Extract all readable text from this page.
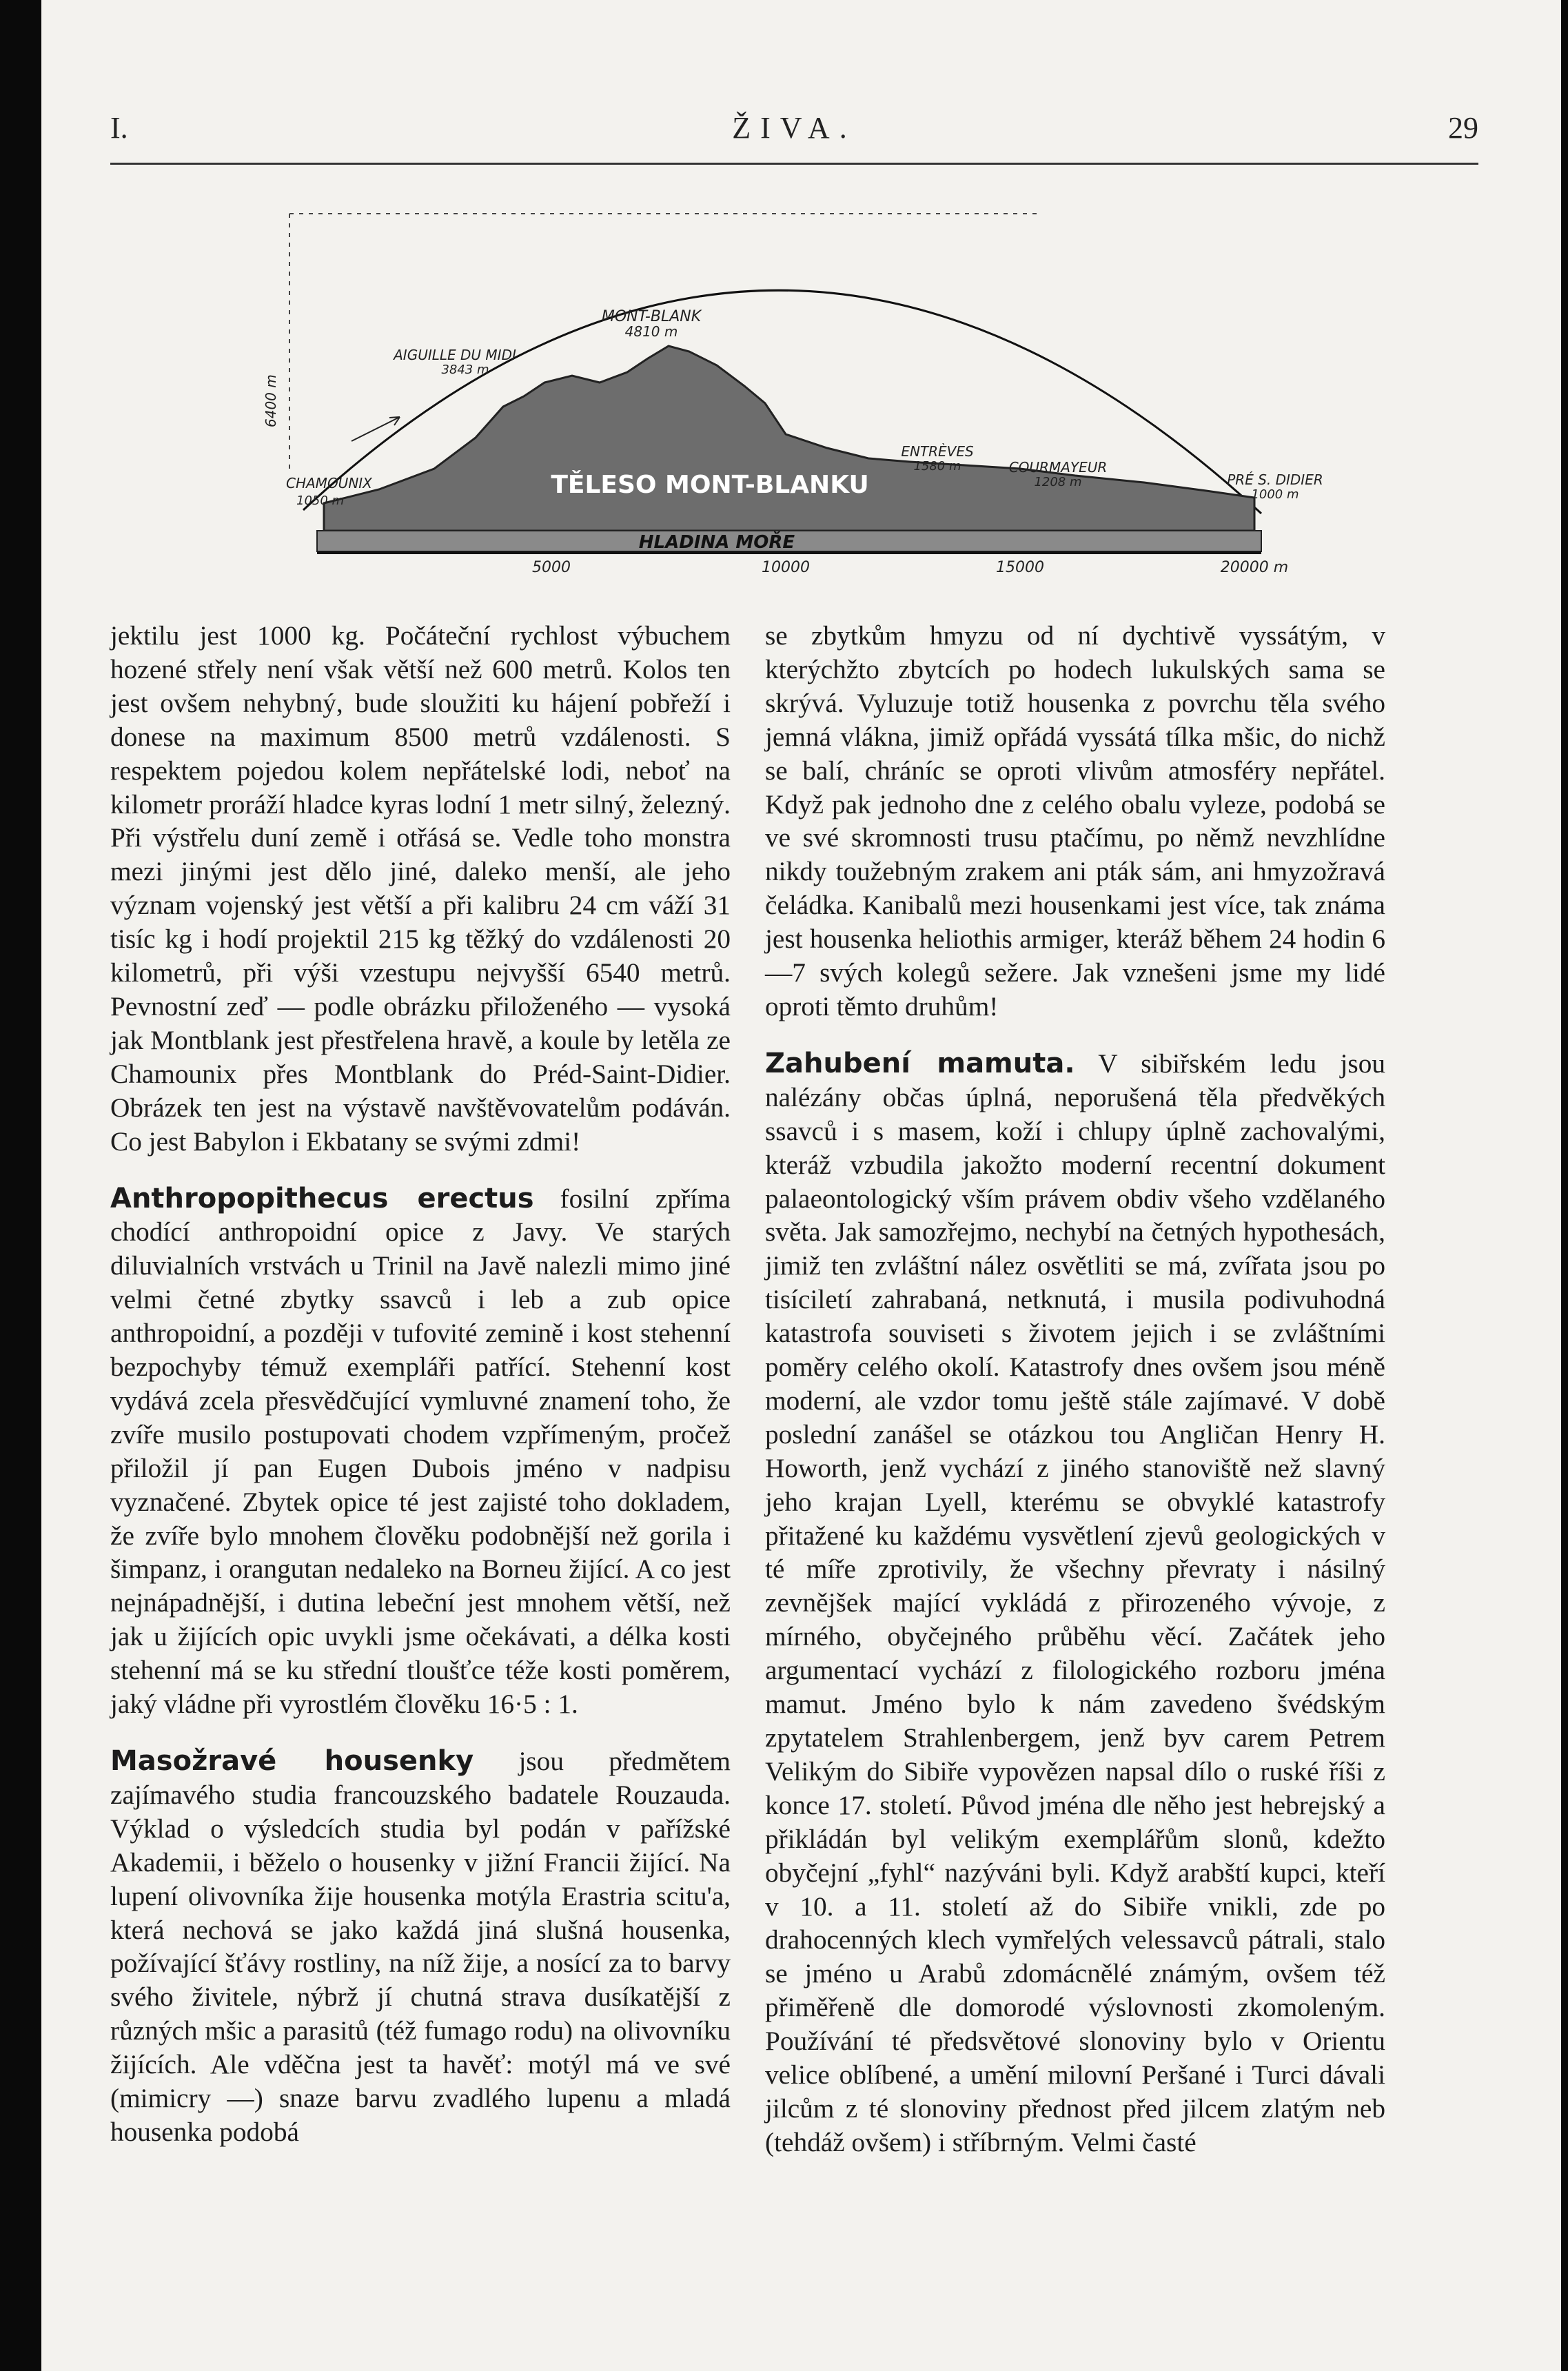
I.	ŽIVA.	29
MONT-BLANK
4810 m
AIGUILLE DU MIDI
3843 m
CHAMOUNIX
1050 m
ENTRÈVES
1580 m	COURMAYEUR
1208 m	PRÉ S. DIDIER
1000 m
6400 m
TĚLESO MONT-BLANKU
HLADINA MOŘE
5000	10000	15000	20000 m

jektilu jest 1000 kg. Počáteční rychlost výbuchem hozené střely není však větší než 600 metrů. Kolos ten jest ovšem nehybný, bude sloužiti ku hájení pobřeží i donese na maximum 8500 metrů vzdálenosti. S respektem pojedou kolem nepřátelské lodi, neboť na kilometr proráží hladce kyras lodní 1 metr silný, železný. Při výstřelu duní země i otřásá se. Vedle toho monstra mezi jinými jest dělo jiné, daleko menší, ale jeho význam vojenský jest větší a při kalibru 24 cm váží 31 tisíc kg i hodí projektil 215 kg těžký do vzdálenosti 20 kilometrů, při výši vzestupu nejvyšší 6540 metrů. Pevnostní zeď — podle obrázku přiloženého — vysoká jak Montblank jest přestřelena hravě, a koule by letěla ze Chamounix přes Montblank do Préd-Saint-Didier. Obrázek ten jest na výstavě navštěvovatelům podáván. Co jest Babylon i Ekbatany se svými zdmi!

Anthropopithecus erectus fosilní zpříma chodící anthropoidní opice z Javy. Ve starých diluvialních vrstvách u Trinil na Javě nalezli mimo jiné velmi četné zbytky ssavců i leb a zub opice anthropoidní, a později v tufovité zemině i kost stehenní bezpochyby témuž exempláři patřící. Stehenní kost vydává zcela přesvědčující vymluvné znamení toho, že zvíře musilo postupovati chodem vzpřímeným, pročež přiložil jí pan Eugen Dubois jméno v nadpisu vyznačené. Zbytek opice té jest zajisté toho dokladem, že zvíře bylo mnohem člověku podobnější než gorila i šimpanz, i orangutan nedaleko na Borneu žijící. A co jest nejnápadnější, i dutina lebeční jest mnohem větší, než jak u žijících opic uvykli jsme očekávati, a délka kosti stehenní má se ku střední tloušťce téže kosti poměrem, jaký vládne při vyrostlém člověku 16·5 : 1.

Masožravé housenky jsou předmětem zajímavého studia francouzského badatele Rouzauda. Výklad o výsledcích studia byl podán v pařížské Akademii, i běželo o housenky v jižní Francii žijící. Na lupení olivovníka žije housenka motýla Erastria scitu'a, která nechová se jako každá jiná slušná housenka, požívající šťávy rostliny, na níž žije, a nosící za to barvy svého živitele, nýbrž jí chutná strava dusíkatější z různých mšic a parasitů (též fumago rodu) na olivovníku žijících. Ale vděčna jest ta havěť: motýl má ve své (mimicry —) snaze barvu zvadlého lupenu a mladá housenka podobá

se zbytkům hmyzu od ní dychtivě vyssátým, v kterýchžto zbytcích po hodech lukulských sama se skrývá. Vyluzuje totiž housenka z povrchu těla svého jemná vlákna, jimiž opřádá vyssátá tílka mšic, do nichž se balí, chráníc se oproti vlivům atmosféry nepřátel. Když pak jednoho dne z celého obalu vyleze, podobá se ve své skromnosti trusu ptačímu, po němž nevzhlídne nikdy toužebným zrakem ani pták sám, ani hmyzožravá čeládka. Kanibalů mezi housenkami jest více, tak známa jest housenka heliothis armiger, kteráž během 24 hodin 6—7 svých kolegů sežere. Jak vznešeni jsme my lidé oproti těmto druhům!

Zahubení mamuta. V sibiřském ledu jsou nalézány občas úplná, neporušená těla předvěkých ssavců i s masem, koží i chlupy úplně zachovalými, kteráž vzbudila jakožto moderní recentní dokument palaeontologický vším právem obdiv všeho vzdělaného světa. Jak samozřejmo, nechybí na četných hypothesách, jimiž ten zvláštní nález osvětliti se má, zvířata jsou po tisíciletí zahrabaná, netknutá, i musila podivuhodná katastrofa souviseti s životem jejich i se zvláštními poměry celého okolí. Katastrofy dnes ovšem jsou méně moderní, ale vzdor tomu ještě stále zajímavé. V době poslední zanášel se otázkou tou Angličan Henry H. Howorth, jenž vychází z jiného stanoviště než slavný jeho krajan Lyell, kterému se obvyklé katastrofy přitažené ku každému vysvětlení zjevů geologických v té míře zprotivily, že všechny převraty i násilný zevnějšek mající vykládá z přirozeného vývoje, z mírného, obyčejného průběhu věcí. Začátek jeho argumentací vychází z filologického rozboru jména mamut. Jméno bylo k nám zavedeno švédským zpytatelem Strahlenbergem, jenž byv carem Petrem Velikým do Sibiře vypovězen napsal dílo o ruské říši z konce 17. století. Původ jména dle něho jest hebrejský a přikládán byl velikým exemplářům slonů, kdežto obyčejní „fyhl“ nazýváni byli. Když arabští kupci, kteří v 10. a 11. století až do Sibiře vnikli, zde po drahocenných klech vymřelých velessavců pátrali, stalo se jméno u Arabů zdomácnělé známým, ovšem též přiměřeně dle domorodé výslovnosti zkomoleným. Používání té předsvětové slonoviny bylo v Orientu velice oblíbené, a umění milovní Peršané i Turci dávali jilcům z té slonoviny přednost před jilcem zlatým neb (tehdáž ovšem) i stříbrným. Velmi časté
